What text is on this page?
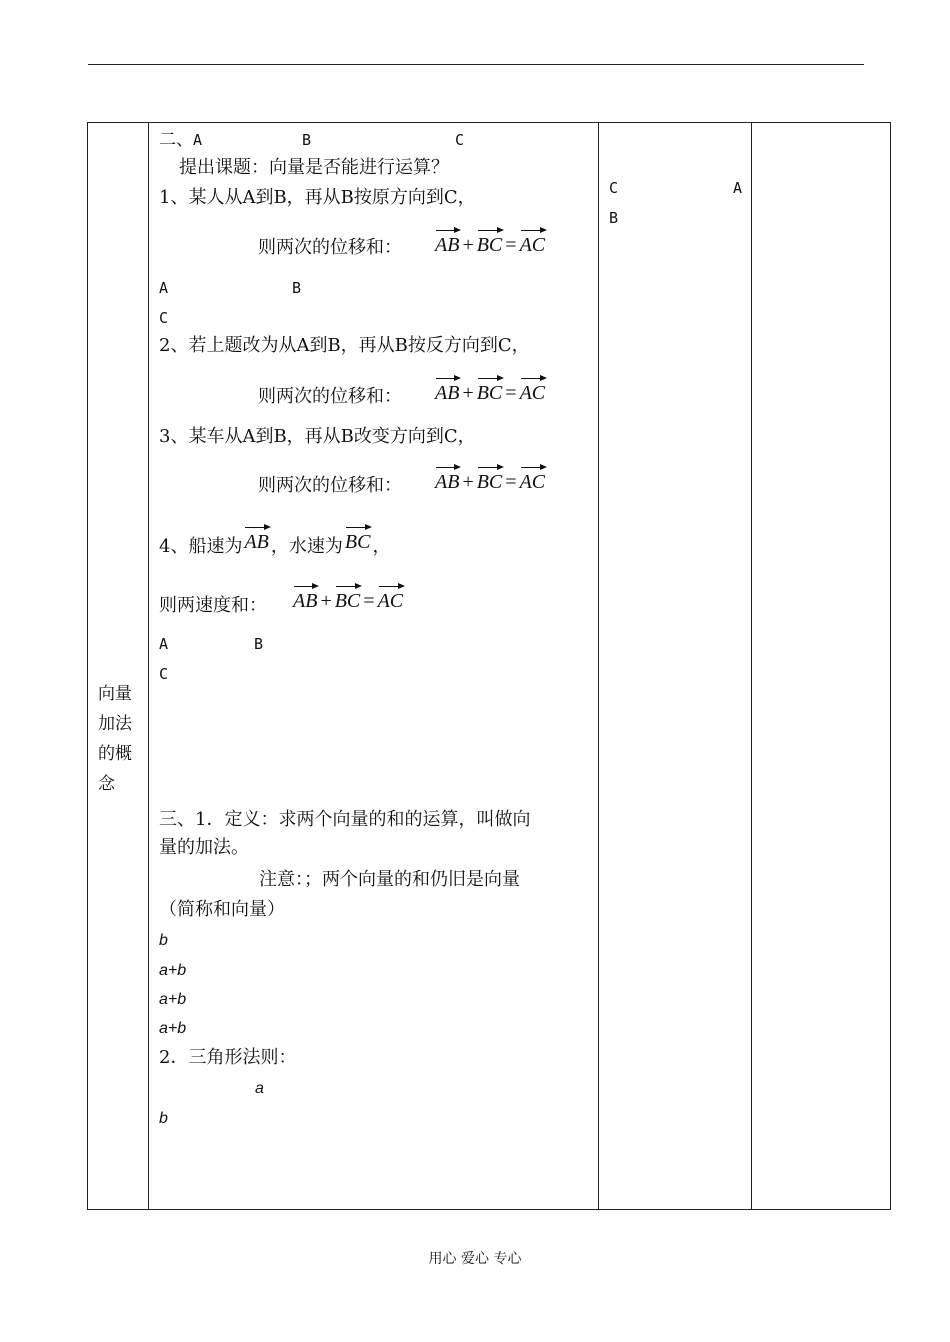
向量加法的概念
二、A	B	C
提出课题：向量是否能进行运算？
1、某人从A到B，再从B按原方向到C，
则两次的位移和： AB + BC = AC
A	B
C
2、若上题改为从A到B，再从B按反方向到C，
则两次的位移和： AB + BC = AC
3、某车从A到B，再从B改变方向到C，
则两次的位移和： AB + BC = AC
4、船速为 AB ，水速为 BC ，
则两速度和： AB + BC = AC
A	B
C
三、1．定义：求两个向量的和的运算，叫做向
量的加法。
注意：；两个向量的和仍旧是向量
（简称和向量）
b
a+b
a+b
a+b
2．三角形法则：
a
b
C	A
B
用心 爱心 专心
